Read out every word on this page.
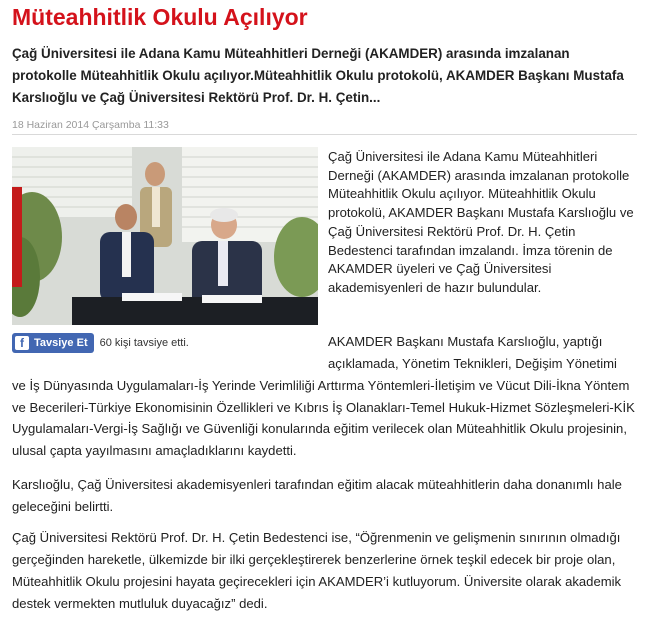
Müteahhitlik Okulu Açılıyor

Çağ Üniversitesi ile Adana Kamu Müteahhitleri Derneği (AKAMDER) arasında imzalanan protokolle Müteahhitlik Okulu açılıyor.Müteahhitlik Okulu protokolü, AKAMDER Başkanı Mustafa Karslıoğlu ve Çağ Üniversitesi Rektörü Prof. Dr. H. Çetin...

18 Haziran 2014 Çarşamba 11:33

f Tavsiye Et 60 kişi tavsiye etti.

Çağ Üniversitesi ile Adana Kamu Müteahhitleri Derneği (AKAMDER) arasında imzalanan protokolle Müteahhitlik Okulu açılıyor. Müteahhitlik Okulu protokolü, AKAMDER Başkanı Mustafa Karslıoğlu ve Çağ Üniversitesi Rektörü Prof. Dr. H. Çetin Bedestenci tarafından imzalandı. İmza törenin de AKAMDER üyeleri ve Çağ Üniversitesi akademisyenleri de hazır bulundular.

AKAMDER Başkanı Mustafa Karslıoğlu, yaptığı açıklamada, Yönetim Teknikleri, Değişim Yönetimi

ve İş Dünyasında Uygulamaları-İş Yerinde Verimliliği Arttırma Yöntemleri-İletişim ve Vücut Dili-İkna Yöntem ve Becerileri-Türkiye Ekonomisinin Özellikleri ve Kıbrıs İş Olanakları-Temel Hukuk-Hizmet Sözleşmeleri-KİK Uygulamaları-Vergi-İş Sağlığı ve Güvenliği konularında eğitim verilecek olan Müteahhitlik Okulu projesinin, ulusal çapta yayılmasını amaçladıklarını kaydetti.

Karslıoğlu, Çağ Üniversitesi akademisyenleri tarafından eğitim alacak müteahhitlerin daha donanımlı hale geleceğini belirtti.

Çağ Üniversitesi Rektörü Prof. Dr. H. Çetin Bedestenci ise, “Öğrenmenin ve gelişmenin sınırının olmadığı gerçeğinden hareketle, ülkemizde bir ilki gerçekleştirerek benzerlerine örnek teşkil edecek bir proje olan, Müteahhitlik Okulu projesini hayata geçirecekleri için AKAMDER’i kutluyorum. Üniversite olarak akademik destek vermekten mutluluk duyacağız” dedi.
